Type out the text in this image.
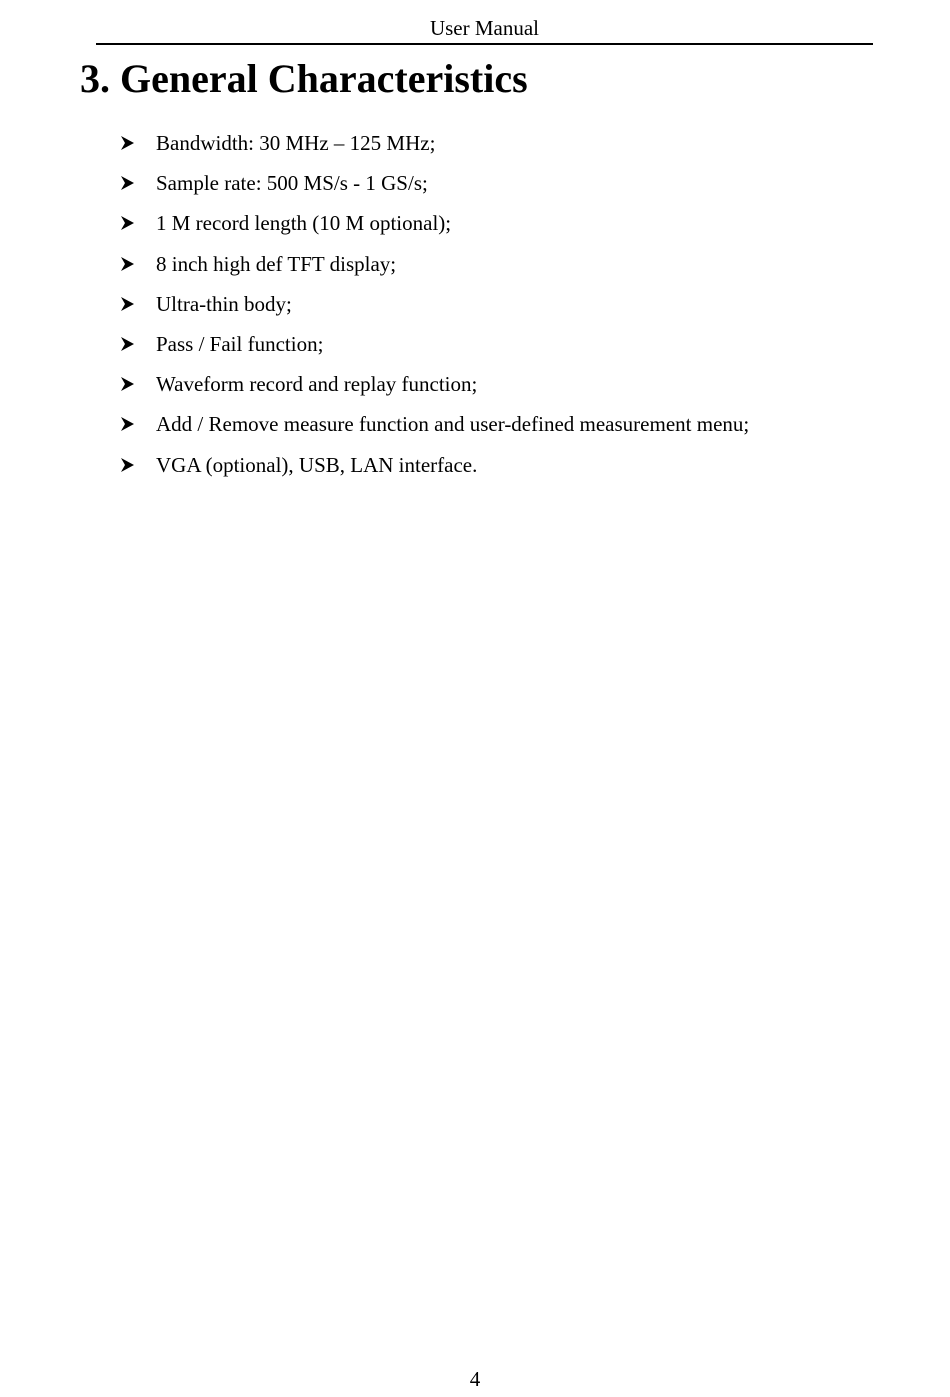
User Manual
3. General Characteristics
Bandwidth: 30 MHz – 125 MHz;
Sample rate: 500 MS/s - 1 GS/s;
1 M record length (10 M optional);
8 inch high def TFT display;
Ultra-thin body;
Pass / Fail function;
Waveform record and replay function;
Add / Remove measure function and user-defined measurement menu;
VGA (optional), USB, LAN interface.
4
